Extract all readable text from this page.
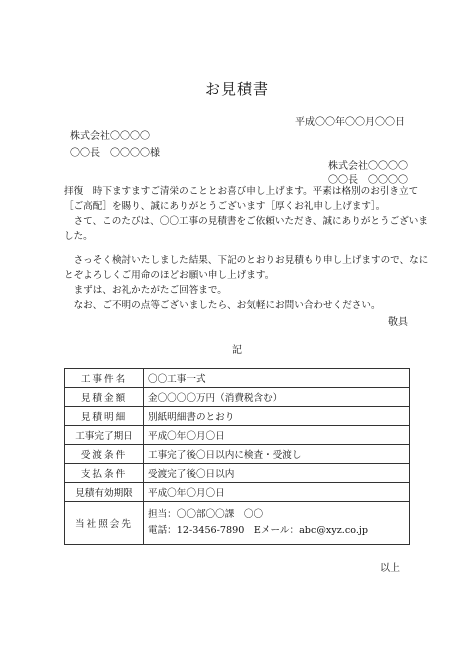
お見積書
平成〇〇年〇〇月〇〇日
株式会社〇〇〇〇
〇〇長　〇〇〇〇様
株式会社〇〇〇〇
〇〇長　〇〇〇〇
拝復　時下ますますご清栄のこととお喜び申し上げます。平素は格別のお引き立て
［ご高配］を賜り、誠にありがとうございます［厚くお礼申し上げます］。
　さて、このたびは、〇〇工事の見積書をご依頼いただき、誠にありがとうございま
した。
　さっそく検討いたしました結果、下記のとおりお見積もり申し上げますので、なに
とぞよろしくご用命のほどお願い申し上げます。
　まずは、お礼かたがたご回答まで。
　なお、ご不明の点等ございましたら、お気軽にお問い合わせください。
敬具
記
工事件名	〇〇工事一式
見積金額	金〇〇〇〇万円（消費税含む）
見積明細	別紙明細書のとおり
工事完了期日	平成〇年〇月〇日
受渡条件	工事完了後〇日以内に検査・受渡し
支払条件	受渡完了後〇日以内
見積有効期限	平成〇年〇月〇日
当社照会先	担当：〇〇部〇〇課　〇〇
電話：12-3456-7890　Eメール：abc@xyz.co.jp
以上
